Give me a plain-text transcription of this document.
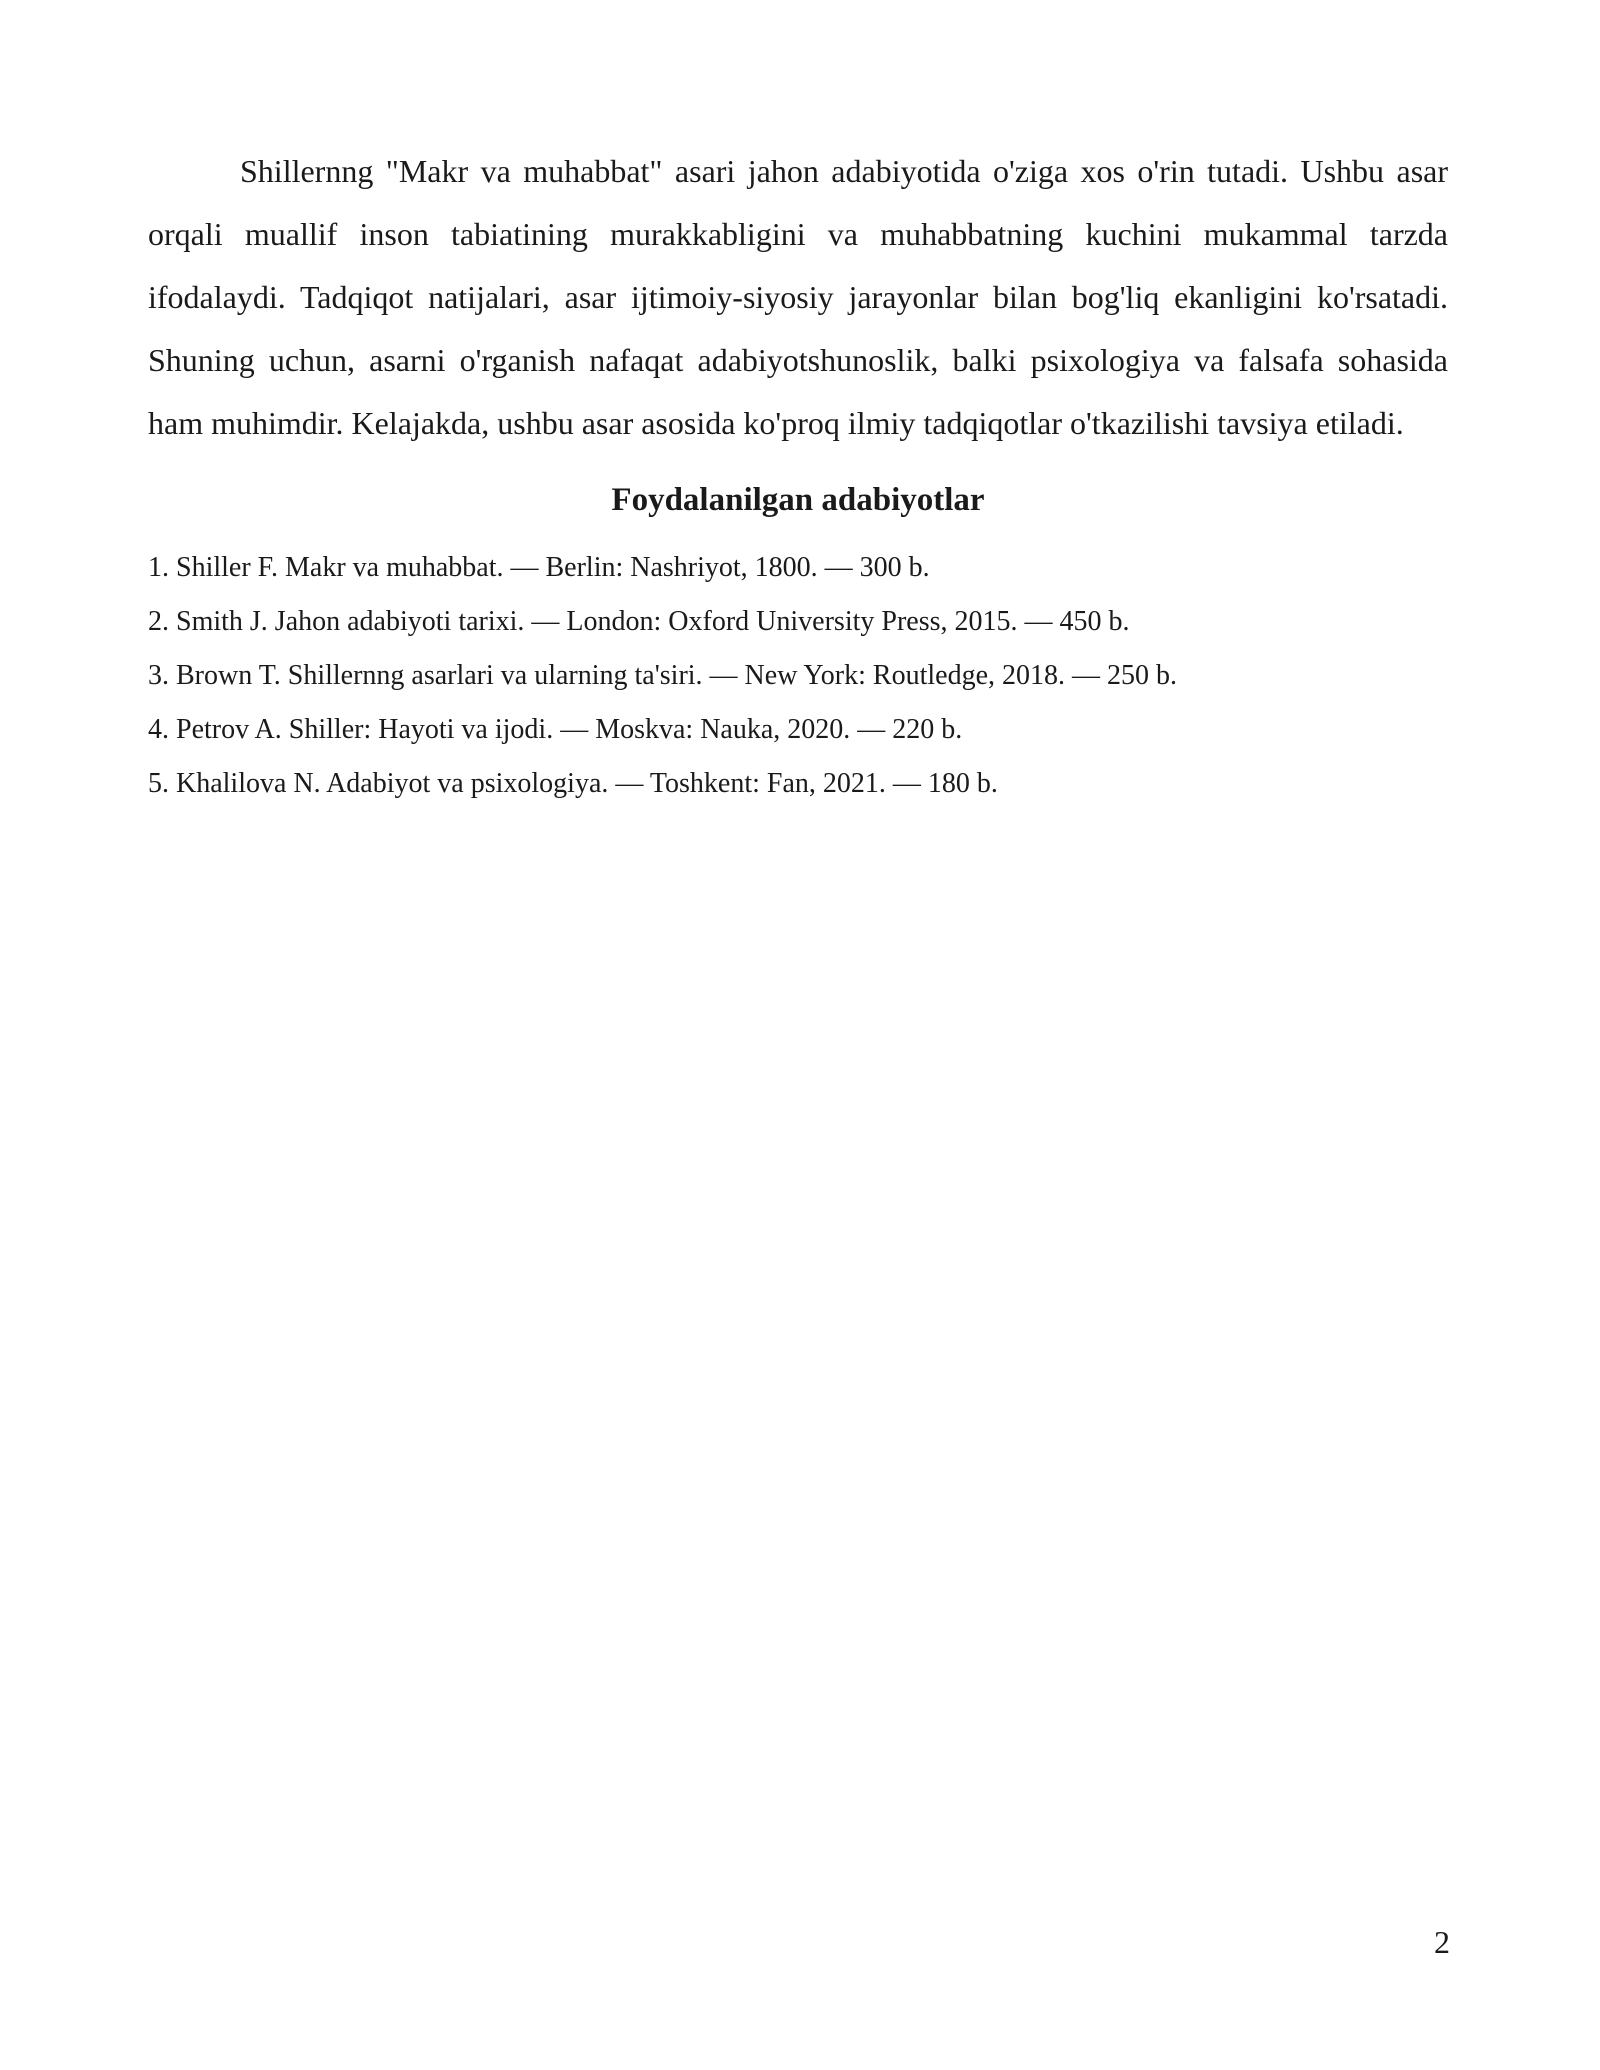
Shillernng "Makr va muhabbat" asari jahon adabiyotida o'ziga xos o'rin tutadi. Ushbu asar orqali muallif inson tabiatining murakkabligini va muhabbatning kuchini mukammal tarzda ifodalaydi. Tadqiqot natijalari, asar ijtimoiy-siyosiy jarayonlar bilan bog'liq ekanligini ko'rsatadi. Shuning uchun, asarni o'rganish nafaqat adabiyotshunoslik, balki psixologiya va falsafa sohasida ham muhimdir. Kelajakda, ushbu asar asosida ko'proq ilmiy tadqiqotlar o'tkazilishi tavsiya etiladi.

Foydalanilgan adabiyotlar
1. Shiller F. Makr va muhabbat. — Berlin: Nashriyot, 1800. — 300 b.
2. Smith J. Jahon adabiyoti tarixi. — London: Oxford University Press, 2015. — 450 b.
3. Brown T. Shillernng asarlari va ularning ta'siri. — New York: Routledge, 2018. — 250 b.
4. Petrov A. Shiller: Hayoti va ijodi. — Moskva: Nauka, 2020. — 220 b.
5. Khalilova N. Adabiyot va psixologiya. — Toshkent: Fan, 2021. — 180 b.
2
